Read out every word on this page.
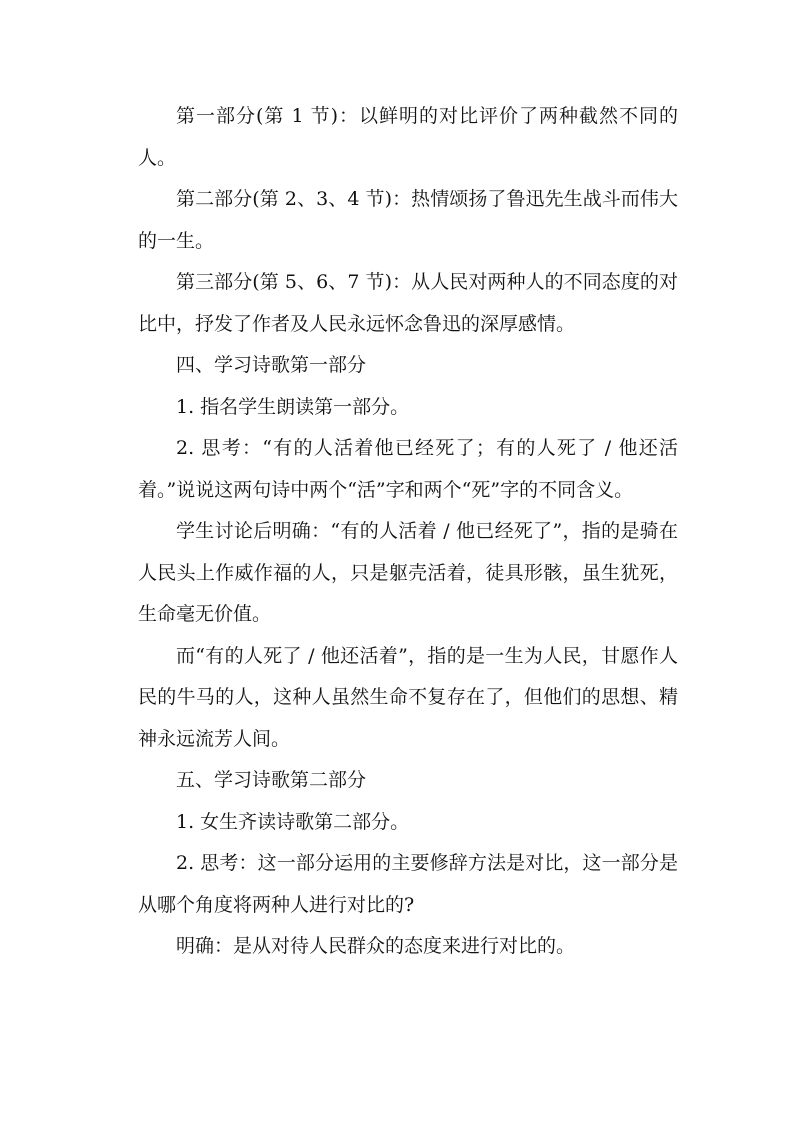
第一部分(第 1 节)：以鲜明的对比评价了两种截然不同的人。

第二部分(第 2、3、4 节)：热情颂扬了鲁迅先生战斗而伟大的一生。

第三部分(第 5、6、7 节)：从人民对两种人的不同态度的对比中，抒发了作者及人民永远怀念鲁迅的深厚感情。

四、学习诗歌第一部分

1. 指名学生朗读第一部分。

2. 思考：“有的人活着他已经死了；有的人死了 / 他还活着。”说说这两句诗中两个“活”字和两个“死”字的不同含义。

学生讨论后明确：“有的人活着 / 他已经死了”，指的是骑在人民头上作威作福的人，只是躯壳活着，徒具形骸，虽生犹死，生命毫无价值。

而“有的人死了 / 他还活着”，指的是一生为人民，甘愿作人民的牛马的人，这种人虽然生命不复存在了，但他们的思想、精神永远流芳人间。

五、学习诗歌第二部分

1. 女生齐读诗歌第二部分。

2. 思考：这一部分运用的主要修辞方法是对比，这一部分是从哪个角度将两种人进行对比的?

明确：是从对待人民群众的态度来进行对比的。
